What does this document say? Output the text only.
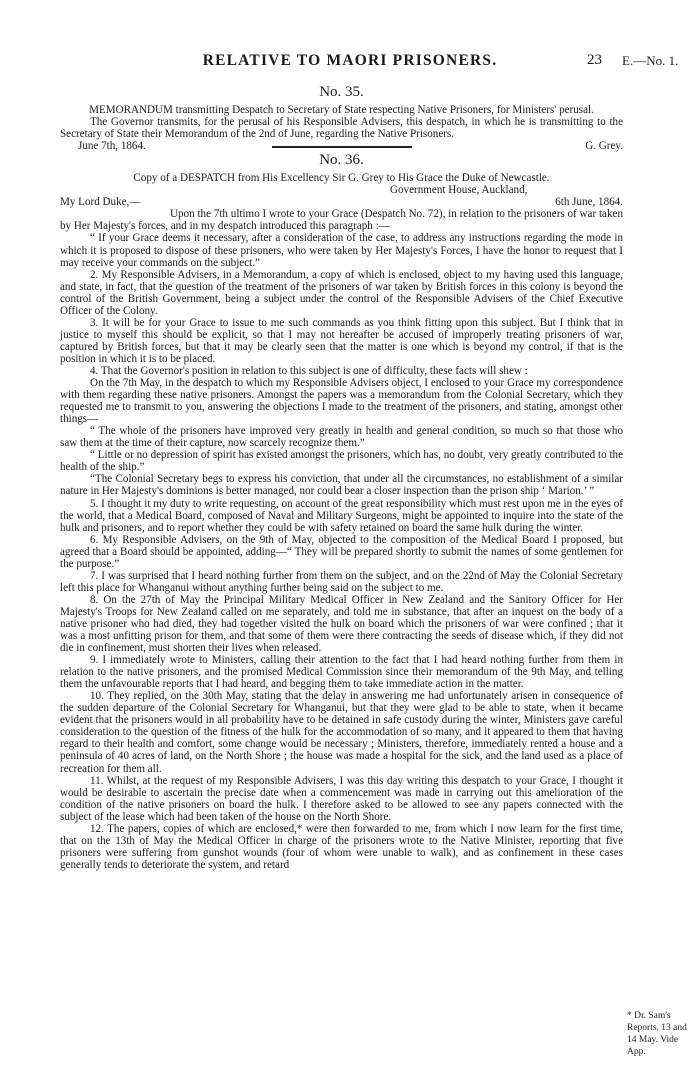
RELATIVE TO MAORI PRISONERS.	23 E.—No. 1.
No. 35.

MEMORANDUM transmitting Despatch to Secretary of State respecting Native Prisoners, for Ministers' perusal.

The Governor transmits, for the perusal of his Responsible Advisers, this despatch, in which he is transmitting to the Secretary of State their Memorandum of the 2nd of June, regarding the Native Prisoners.

June 7th, 1864.	G. Grey.
No. 36.

Copy of a DESPATCH from His Excellency Sir G. Grey to His Grace the Duke of Newcastle.

Government House, Auckland,

My Lord Duke,—	6th June, 1864.

Upon the 7th ultimo I wrote to your Grace (Despatch No. 72), in relation to the prisoners of war taken by Her Majesty's forces, and in my despatch introduced this paragraph :—

“ If your Grace deems it necessary, after a consideration of the case, to address any instructions regarding the mode in which it is proposed to dispose of these prisoners, who were taken by Her Majesty's Forces, I have the honor to request that I may receive your commands on the subject.”

2. My Responsible Advisers, in a Memorandum, a copy of which is enclosed, object to my having used this language, and state, in fact, that the question of the treatment of the prisoners of war taken by British forces in this colony is beyond the control of the British Government, being a subject under the control of the Responsible Advisers of the Chief Executive Officer of the Colony.

3. It will be for your Grace to issue to me such commands as you think fitting upon this subject. But I think that in justice to myself this should be explicit, so that I may not hereafter be accused of improperly treating prisoners of war, captured by British forces, but that it may be clearly seen that the matter is one which is beyond my control, if that is the position in which it is to be placed.

4. That the Governor's position in relation to this subject is one of difficulty, these facts will shew :

On the 7th May, in the despatch to which my Responsible Advisers object, I enclosed to your Grace my correspondence with them regarding these native prisoners. Amongst the papers was a memorandum from the Colonial Secretary, which they requested me to transmit to you, answering the objections I made to the treatment of the prisoners, and stating, amongst other things—

“ The whole of the prisoners have improved very greatly in health and general condition, so much so that those who saw them at the time of their capture, now scarcely recognize them.”

“ Little or no depression of spirit has existed amongst the prisoners, which has, no doubt, very greatly contributed to the health of the ship.”

“The Colonial Secretary begs to express his conviction, that under all the circumstances, no establishment of a similar nature in Her Majesty's dominions is better managed, nor could bear a closer inspection than the prison ship ‘ Marion.’ ”

5. I thought it my duty to write requesting, on account of the great responsibility which must rest upon me in the eyes of the world, that a Medical Board, composed of Naval and Military Surgeons, might be appointed to inquire into the state of the hulk and prisoners, and to report whether they could be with safety retained on board the same hulk during the winter.

6. My Responsible Advisers, on the 9th of May, objected to the composition of the Medical Board I proposed, but agreed that a Board should be appointed, adding—“ They will be prepared shortly to submit the names of some gentlemen for the purpose.”

7. I was surprised that I heard nothing further from them on the subject, and on the 22nd of May the Colonial Secretary left this place for Whanganui without anything further being said on the subject to me.

8. On the 27th of May the Principal Military Medical Officer in New Zealand and the Sanitory Officer for Her Majesty's Troops for New Zealand called on me separately, and told me in substance, that after an inquest on the body of a native prisoner who had died, they had together visited the hulk on board which the prisoners of war were confined ; that it was a most unfitting prison for them, and that some of them were there contracting the seeds of disease which, if they did not die in confinement, must shorten their lives when released.

9. I immediately wrote to Ministers, calling their attention to the fact that I had heard nothing further from them in relation to the native prisoners, and the promised Medical Commission since their memorandum of the 9th May, and telling them the unfavourable reports that I had heard, and begging them to take immediate action in the matter.

10. They replied, on the 30th May, stating that the delay in answering me had unfortunately arisen in consequence of the sudden departure of the Colonial Secretary for Whanganui, but that they were glad to be able to state, when it became evident that the prisoners would in all probability have to be detained in safe custody during the winter, Ministers gave careful consideration to the question of the fitness of the hulk for the accommodation of so many, and it appeared to them that having regard to their health and comfort, some change would be necessary ; Ministers, therefore, immediately rented a house and a peninsula of 40 acres of land, on the North Shore ; the house was made a hospital for the sick, and the land used as a place of recreation for them all.

11. Whilst, at the request of my Responsible Advisers, I was this day writing this despatch to your Grace, I thought it would be desirable to ascertain the precise date when a commencement was made in carrying out this amelioration of the condition of the native prisoners on board the hulk. I therefore asked to be allowed to see any papers connected with the subject of the lease which had been taken of the house on the North Shore.

12. The papers, copies of which are enclosed,* were then forwarded to me, from which I now learn for the first time, that on the 13th of May the Medical Officer in charge of the prisoners wrote to the Native Minister, reporting that five prisoners were suffering from gunshot wounds (four of whom were unable to walk), and as confinement in these cases generally tends to deteriorate the system, and retard

* Dr. Sam's Reports, 13 and 14 May. Vide App.
